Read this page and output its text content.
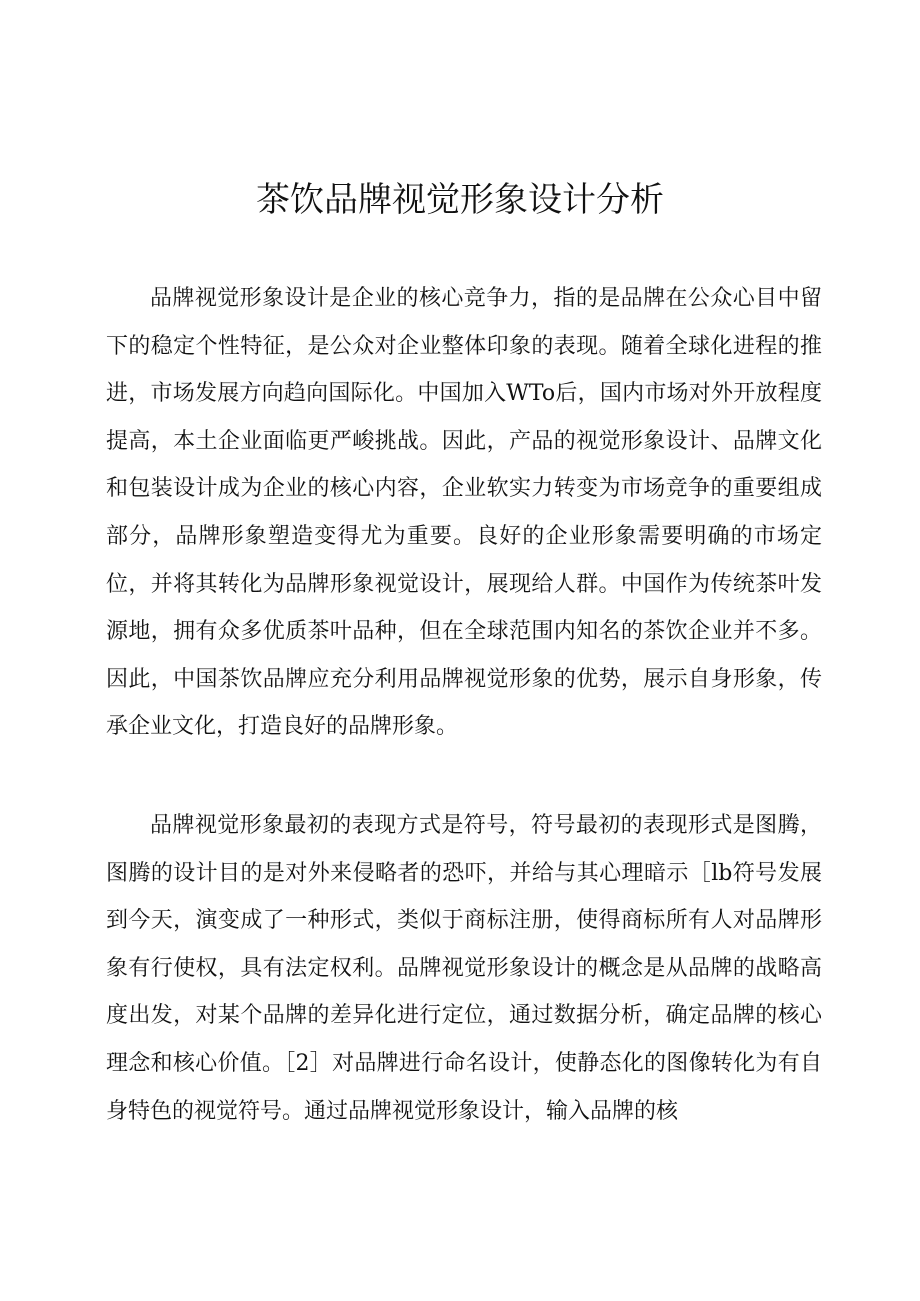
茶饮品牌视觉形象设计分析

品牌视觉形象设计是企业的核心竞争力，指的是品牌在公众心目中留下的稳定个性特征，是公众对企业整体印象的表现。随着全球化进程的推进，市场发展方向趋向国际化。中国加入WTo后，国内市场对外开放程度提高，本土企业面临更严峻挑战。因此，产品的视觉形象设计、品牌文化和包装设计成为企业的核心内容，企业软实力转变为市场竞争的重要组成部分，品牌形象塑造变得尤为重要。良好的企业形象需要明确的市场定位，并将其转化为品牌形象视觉设计，展现给人群。中国作为传统茶叶发源地，拥有众多优质茶叶品种，但在全球范围内知名的茶饮企业并不多。因此，中国茶饮品牌应充分利用品牌视觉形象的优势，展示自身形象，传承企业文化，打造良好的品牌形象。

品牌视觉形象最初的表现方式是符号，符号最初的表现形式是图腾，图腾的设计目的是对外来侵略者的恐吓，并给与其心理暗示［lb符号发展到今天，演变成了一种形式，类似于商标注册，使得商标所有人对品牌形象有行使权，具有法定权利。品牌视觉形象设计的概念是从品牌的战略高度出发，对某个品牌的差异化进行定位，通过数据分析，确定品牌的核心理念和核心价值。［2］对品牌进行命名设计，使静态化的图像转化为有自身特色的视觉符号。通过品牌视觉形象设计，输入品牌的核
